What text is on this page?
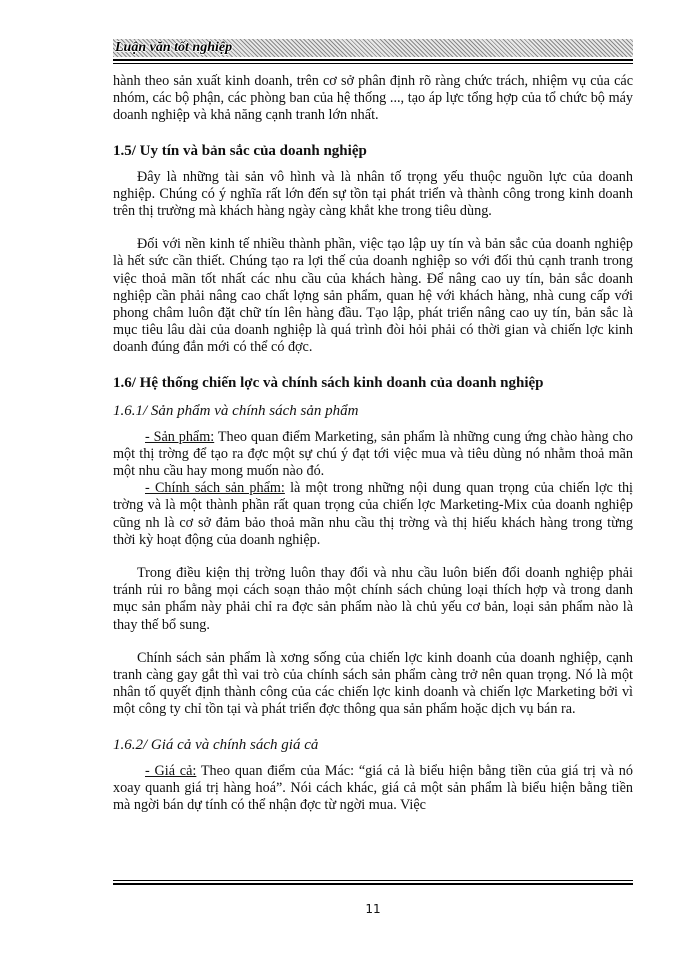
Luận văn tốt nghiệp

hành theo sản xuất kinh doanh, trên cơ sở phân định rõ ràng chức trách, nhiệm vụ của các nhóm, các bộ phận, các phòng ban của hệ thống ..., tạo áp lực tổng hợp của tổ chức bộ máy doanh nghiệp và khả năng cạnh tranh lớn nhất.

1.5/ Uy tín và bản sắc của doanh nghiệp

Đây là những tài sản vô hình và là nhân tố trọng yếu thuộc nguồn lực của doanh nghiệp. Chúng có ý nghĩa rất lớn đến sự tồn tại phát triển và thành công trong kinh doanh trên thị trường mà khách hàng ngày càng khắt khe trong tiêu dùng.

Đối với nền kinh tế nhiều thành phần, việc tạo lập uy tín và bản sắc của doanh nghiệp là hết sức cần thiết. Chúng tạo ra lợi thế của doanh nghiệp so với đối thủ cạnh tranh trong việc thoả mãn tốt nhất các nhu cầu của khách hàng. Để nâng cao uy tín, bản sắc doanh nghiệp cần phải nâng cao chất lợng sản phẩm, quan hệ với khách hàng, nhà cung cấp với phong châm luôn đặt chữ tín lên hàng đầu. Tạo lập, phát triển nâng cao uy tín, bản sắc là mục tiêu lâu dài của doanh nghiệp là quá trình đòi hỏi phải có thời gian và chiến lợc kinh doanh đúng đắn mới có thể có đợc.

1.6/ Hệ thống chiến lợc và chính sách kinh doanh của doanh nghiệp
1.6.1/ Sản phẩm và chính sách sản phẩm

- Sản phẩm: Theo quan điểm Marketing, sản phẩm là những cung ứng chào hàng cho một thị trờng để tạo ra đợc một sự chú ý đạt tới việc mua và tiêu dùng nó nhằm thoả mãn một nhu cầu hay mong muốn nào đó.

- Chính sách sản phẩm: là một trong những nội dung quan trọng của chiến lợc thị trờng và là một thành phần rất quan trọng của chiến lợc Marketing-Mix của doanh nghiệp cũng nh là cơ sở đảm bảo thoả mãn nhu cầu thị trờng và thị hiếu khách hàng trong từng thời kỳ hoạt động của doanh nghiệp.

Trong điều kiện thị trờng luôn thay đổi và nhu cầu luôn biến đổi doanh nghiệp phải tránh rủi ro bằng mọi cách soạn thảo một chính sách chủng loại thích hợp và trong danh mục sản phẩm này phải chỉ ra đợc sản phẩm nào là chủ yếu cơ bản, loại sản phẩm nào là thay thế bổ sung.

Chính sách sản phẩm là xơng sống của chiến lợc kinh doanh của doanh nghiệp, cạnh tranh càng gay gắt thì vai trò của chính sách sản phẩm càng trở nên quan trọng. Nó là một nhân tố quyết định thành công của các chiến lợc kinh doanh và chiến lợc Marketing bởi vì một công ty chỉ tồn tại và phát triển đợc thông qua sản phẩm hoặc dịch vụ bán ra.

1.6.2/ Giá cả và chính sách giá cả

- Giá cả: Theo quan điểm của Mác: “giá cả là biểu hiện bằng tiền của giá trị và nó xoay quanh giá trị hàng hoá”. Nói cách khác, giá cả một sản phẩm là biểu hiện bằng tiền mà ngời bán dự tính có thể nhận đợc từ ngời mua. Việc

11
